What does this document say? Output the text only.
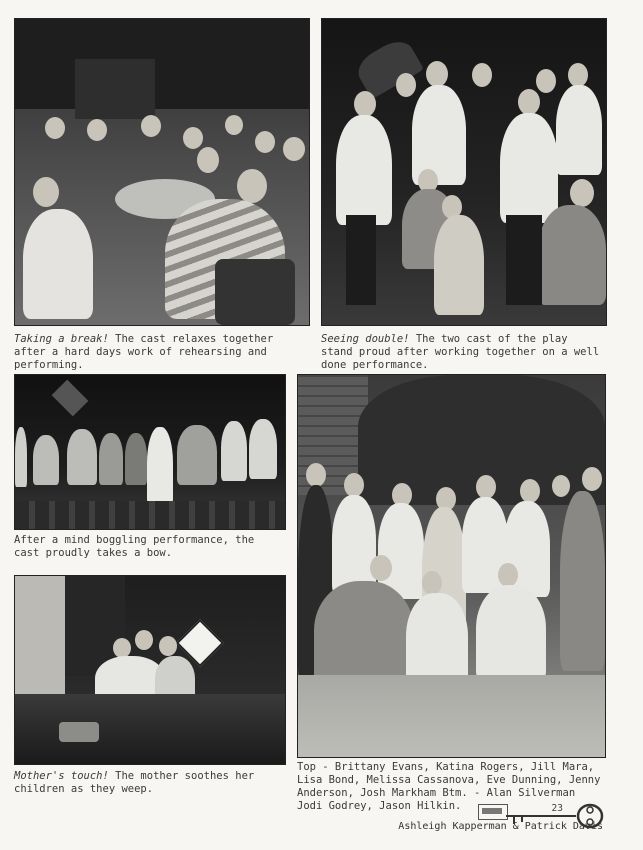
Taking a break! The cast relaxes together after a hard days work of rehearsing and performing.
Seeing double! The two cast of the play stand proud after working together on a well done performance.
After a mind boggling performance, the cast proudly takes a bow.
Mother's touch! The mother soothes her children as they weep.
Top - Brittany Evans, Katina Rogers, Jill Mara, Lisa Bond, Melissa Cassanova, Eve Dunning, Jenny Anderson, Josh Markham Btm. - Alan Silverman Jodi Godrey, Jason Hilkin.	23
Ashleigh Kapperman & Patrick Davis
